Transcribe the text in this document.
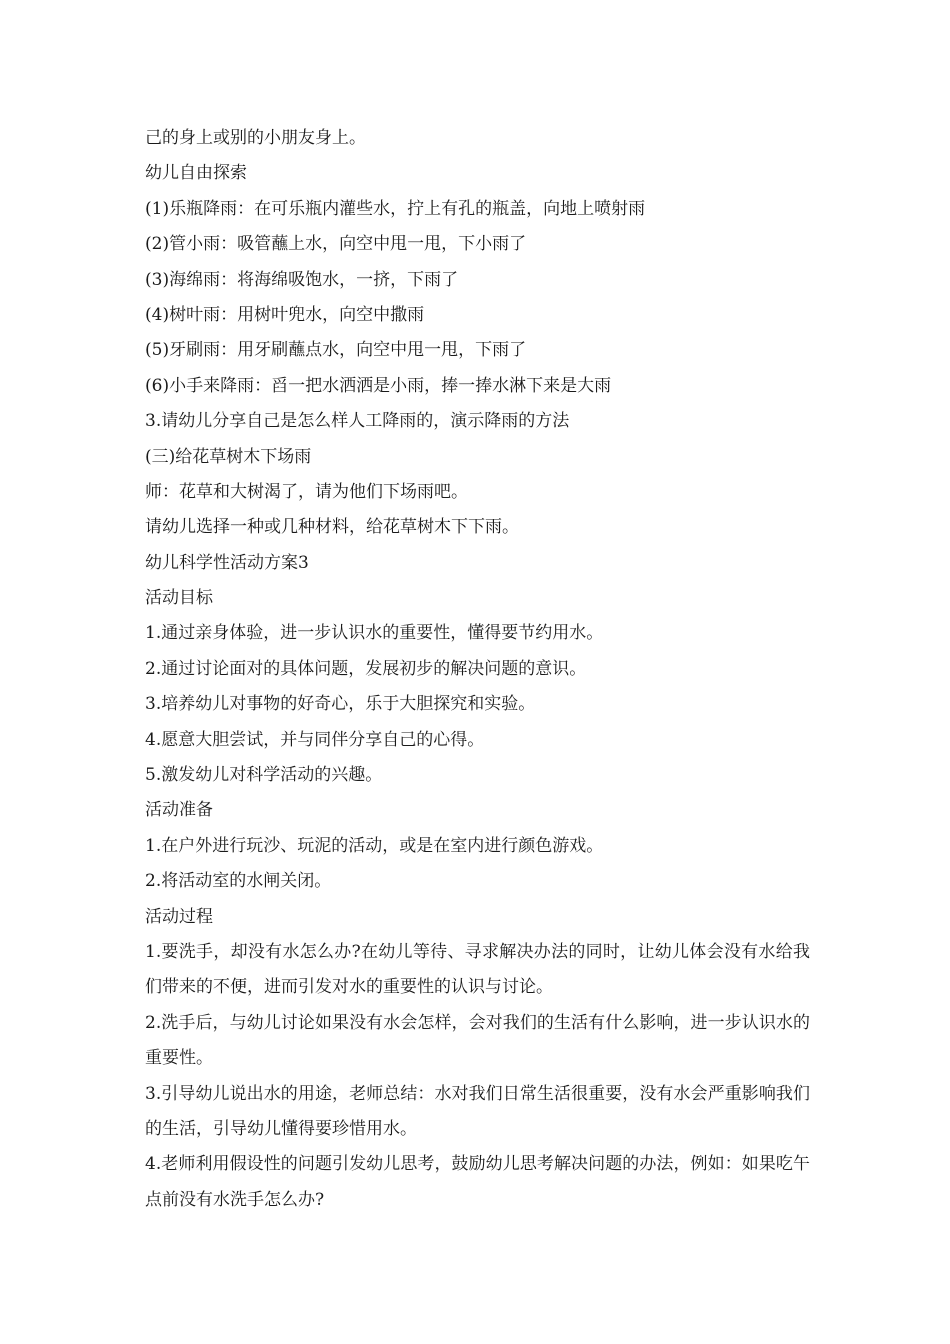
己的身上或别的小朋友身上。
幼儿自由探索
(1)乐瓶降雨：在可乐瓶内灌些水，拧上有孔的瓶盖，向地上喷射雨
(2)管小雨：吸管蘸上水，向空中甩一甩，下小雨了
(3)海绵雨：将海绵吸饱水，一挤，下雨了
(4)树叶雨：用树叶兜水，向空中撒雨
(5)牙刷雨：用牙刷蘸点水，向空中甩一甩，下雨了
(6)小手来降雨：舀一把水洒洒是小雨，捧一捧水淋下来是大雨
3.请幼儿分享自己是怎么样人工降雨的，演示降雨的方法
(三)给花草树木下场雨
师：花草和大树渴了，请为他们下场雨吧。
请幼儿选择一种或几种材料，给花草树木下下雨。
幼儿科学性活动方案3
活动目标
1.通过亲身体验，进一步认识水的重要性，懂得要节约用水。
2.通过讨论面对的具体问题，发展初步的解决问题的意识。
3.培养幼儿对事物的好奇心，乐于大胆探究和实验。
4.愿意大胆尝试，并与同伴分享自己的心得。
5.激发幼儿对科学活动的兴趣。
活动准备
1.在户外进行玩沙、玩泥的活动，或是在室内进行颜色游戏。
2.将活动室的水闸关闭。
活动过程
1.要洗手，却没有水怎么办?在幼儿等待、寻求解决办法的同时，让幼儿体会没有水给我们带来的不便，进而引发对水的重要性的认识与讨论。
2.洗手后，与幼儿讨论如果没有水会怎样，会对我们的生活有什么影响，进一步认识水的重要性。
3.引导幼儿说出水的用途，老师总结：水对我们日常生活很重要，没有水会严重影响我们的生活，引导幼儿懂得要珍惜用水。
4.老师利用假设性的问题引发幼儿思考，鼓励幼儿思考解决问题的办法，例如：如果吃午点前没有水洗手怎么办?
